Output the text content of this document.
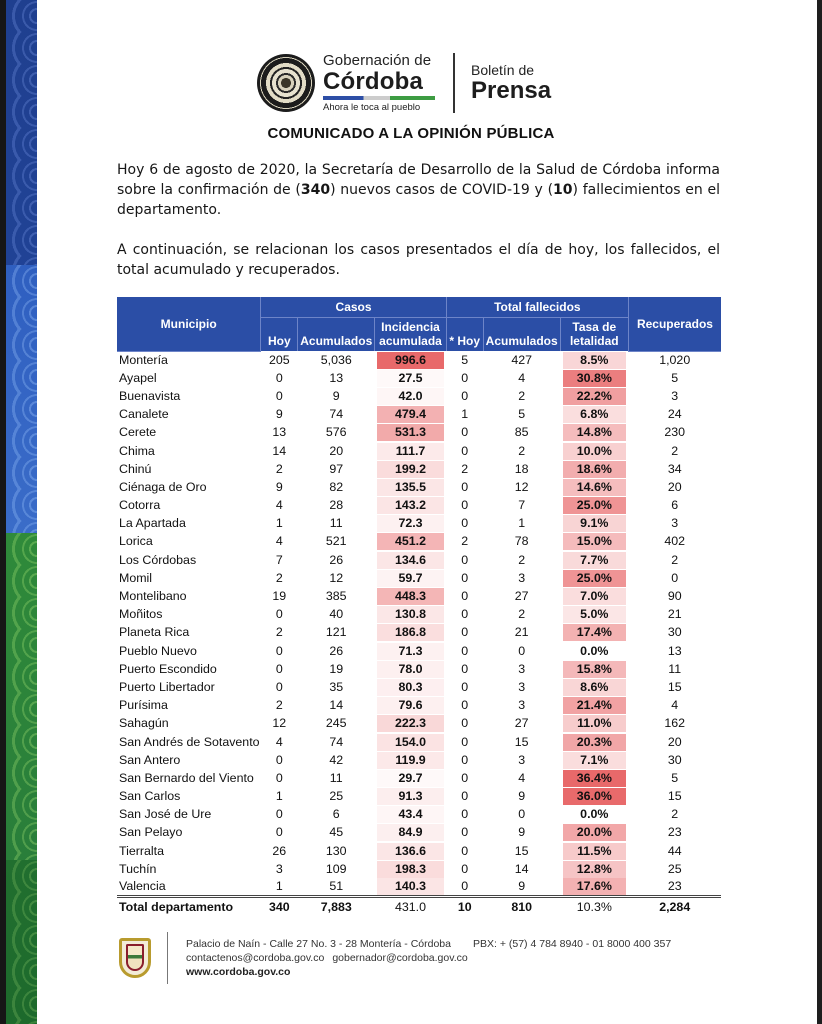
Gobernación de
Córdoba
Ahora le toca al pueblo
Boletín de
Prensa
COMUNICADO A LA OPINIÓN PÚBLICA

Hoy 6 de agosto de 2020, la Secretaría de Desarrollo de la Salud de Córdoba informa sobre la confirmación de (340) nuevos casos de COVID-19 y (10) fallecimientos en el departamento.

A continuación, se relacionan los casos presentados el día de hoy, los fallecidos, el total acumulado y recuperados.

Municipio	Casos			Total fallecidos			Recuperados
	Hoy	Acumulados	Incidencia acumulada	* Hoy	Acumulados	Tasa de letalidad	
Montería	205	5,036	996.6	5	427	8.5%	1,020
Ayapel	0	13	27.5	0	4	30.8%	5
Buenavista	0	9	42.0	0	2	22.2%	3
Canalete	9	74	479.4	1	5	6.8%	24
Cerete	13	576	531.3	0	85	14.8%	230
Chima	14	20	111.7	0	2	10.0%	2
Chinú	2	97	199.2	2	18	18.6%	34
Ciénaga de Oro	9	82	135.5	0	12	14.6%	20
Cotorra	4	28	143.2	0	7	25.0%	6
La Apartada	1	11	72.3	0	1	9.1%	3
Lorica	4	521	451.2	2	78	15.0%	402
Los Córdobas	7	26	134.6	0	2	7.7%	2
Momil	2	12	59.7	0	3	25.0%	0
Montelibano	19	385	448.3	0	27	7.0%	90
Moñitos	0	40	130.8	0	2	5.0%	21
Planeta Rica	2	121	186.8	0	21	17.4%	30
Pueblo Nuevo	0	26	71.3	0	0	0.0%	13
Puerto Escondido	0	19	78.0	0	3	15.8%	11
Puerto Libertador	0	35	80.3	0	3	8.6%	15
Purísima	2	14	79.6	0	3	21.4%	4
Sahagún	12	245	222.3	0	27	11.0%	162
San Andrés de Sotavento	4	74	154.0	0	15	20.3%	20
San Antero	0	42	119.9	0	3	7.1%	30
San Bernardo del Viento	0	11	29.7	0	4	36.4%	5
San Carlos	1	25	91.3	0	9	36.0%	15
San José de Ure	0	6	43.4	0	0	0.0%	2
San Pelayo	0	45	84.9	0	9	20.0%	23
Tierralta	26	130	136.6	0	15	11.5%	44
Tuchín	3	109	198.3	0	14	12.8%	25
Valencia	1	51	140.3	0	9	17.6%	23
Total departamento	340	7,883	431.0	10	810	10.3%	2,284
Palacio de Naín - Calle 27 No. 3 - 28 Montería - Córdoba PBX: + (57) 4 784 8940 - 01 8000 400 357
contactenos@cordoba.gov.co gobernador@cordoba.gov.co
www.cordoba.gov.co
